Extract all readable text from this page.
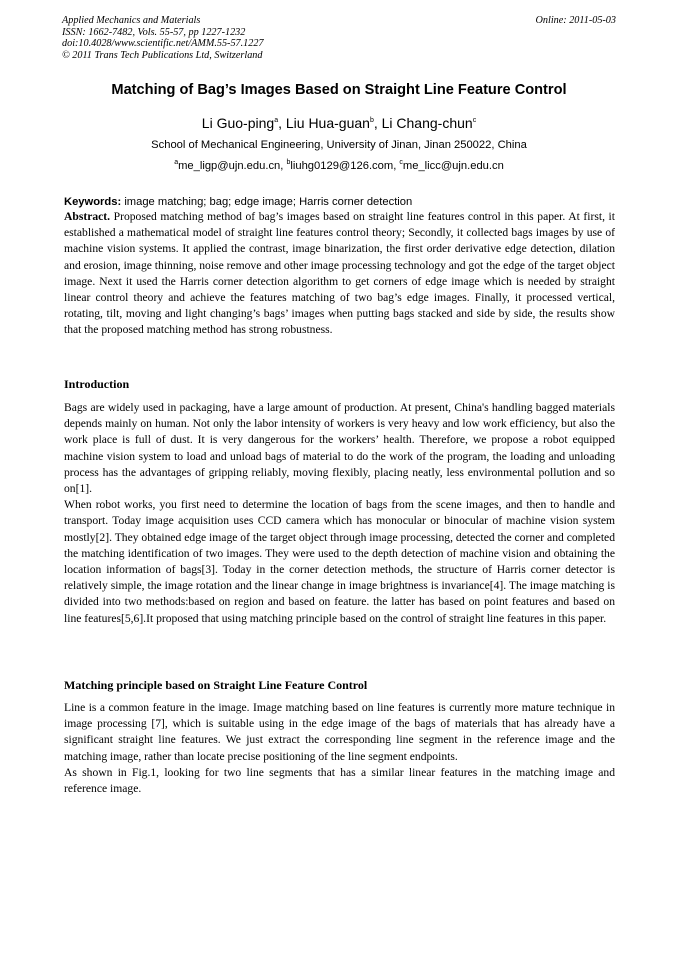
Applied Mechanics and Materials
ISSN: 1662-7482, Vols. 55-57, pp 1227-1232
doi:10.4028/www.scientific.net/AMM.55-57.1227
© 2011 Trans Tech Publications Ltd, Switzerland
Online: 2011-05-03
Matching of Bag’s Images Based on Straight Line Feature Control
Li Guo-ping$^a$, Liu Hua-guan$^b$, Li Chang-chun$^c$
School of Mechanical Engineering, University of Jinan, Jinan 250022, China
$^a$me_ligp@ujn.edu.cn, $^b$liuhg0129@126.com, $^c$me_licc@ujn.edu.cn
Keywords: image matching; bag; edge image; Harris corner detection

Abstract. Proposed matching method of bag’s images based on straight line features control in this paper. At first, it established a mathematical model of straight line features control theory; Secondly, it collected bags images by use of machine vision systems. It applied the contrast, image binarization, the first order derivative edge detection, dilation and erosion, image thinning, noise remove and other image processing technology and got the edge of the target object image. Next it used the Harris corner detection algorithm to get corners of edge image which is needed by straight linear control theory and achieve the features matching of two bag’s edge images. Finally, it processed vertical, rotating, tilt, moving and light changing’s bags’ images when putting bags stacked and side by side, the results show that the proposed matching method has strong robustness.

Introduction

Bags are widely used in packaging, have a large amount of production. At present, China's handling bagged materials depends mainly on human. Not only the labor intensity of workers is very heavy and low work efficiency, but also the work place is full of dust. It is very dangerous for the workers’ health. Therefore, we propose a robot equipped machine vision system to load and unload bags of material to do the work of the program, the loading and unloading process has the advantages of gripping reliably, moving flexibly, placing neatly, less environmental pollution and so on[1].

When robot works, you first need to determine the location of bags from the scene images, and then to handle and transport. Today image acquisition uses CCD camera which has monocular or binocular of machine vision system mostly[2]. They obtained edge image of the target object through image processing, detected the corner and completed the matching identification of two images. They were used to the depth detection of machine vision and obtaining the location information of bags[3]. Today in the corner detection methods, the structure of Harris corner detector is relatively simple, the image rotation and the linear change in image brightness is invariance[4]. The image matching is divided into two methods:based on region and based on feature. the latter has based on point features and based on line features[5,6].It proposed that using matching principle based on the control of straight line features in this paper.

Matching principle based on Straight Line Feature Control

Line is a common feature in the image. Image matching based on line features is currently more mature technique in image processing [7], which is suitable using in the edge image of the bags of materials that has already have a significant straight line features. We just extract the corresponding line segment in the reference image and the matching image, rather than locate precise positioning of the line segment endpoints.

As shown in Fig.1, looking for two line segments that has a similar linear features in the matching image and reference image.
